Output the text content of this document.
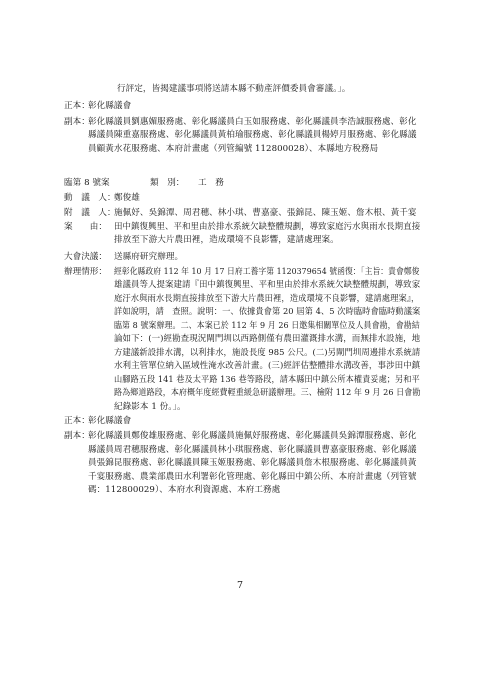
行評定，皆揭建議事項將送請本縣不動產評價委員會審議。」。
正本：
彰化縣議會
副本：
彰化縣議員劉惠媚服務處、彰化縣議員白玉如服務處、彰化縣議員李浩誠服務處、彰化
縣議員陳重嘉服務處、彰化縣議員黃柏瑜服務處、彰化縣議員楊婷月服務處、彰化縣議
員顧黃水花服務處、本府計畫處（列管編號 112800028）、本縣地方稅務局
臨第 8 號案	類　別： 工　務
動　議　人：
鄭俊雄
附　議　人：
施佩妤、吳錦潭、周君穗、林小琪、曹嘉豪、張錦昆、陳玉姬、詹木根、黃千宴
案　　由： 田中鎮復興里、平和里由於排水系統欠缺整體規劃，導致家庭污水與雨水長期直接
排放至下游大片農田裡，造成環境不良影響，建請處理案。
大會決議： 送縣府研究辦理。
辦理情形： 經彰化縣政府 112 年 10 月 17 日府工養字第 1120379654 號函復：「主旨：貴會鄭俊
雄議員等人提案建請『田中鎮復興里、平和里由於排水系統欠缺整體規劃，導致家
庭汙水與雨水長期直接排放至下游大片農田裡，造成環境不良影響，建請處理案』，
詳如說明，請　查照。說明：一、依據貴會第 20 屆第 4、5 次時臨時會臨時動議案
臨第 8 號案辦理。二、本案已於 112 年 9 月 26 日邀集相關單位及人員會勘，會勘結
論如下：(一)經勘查現況閘門圳以西路側僅有農田灌溉排水溝，而無排水設施，地
方建議新設排水溝，以利排水，施設長度 985 公尺。(二)另閘門圳周邊排水系統請
水利主管單位納入區域性淹水改善計畫。(三)經評估整體排水溝改善，事涉田中鎮
山腳路五段 141 巷及太平路 136 巷等路段，請本縣田中鎮公所本權責妥處；另和平
路為鄉道路段，本府概年度經費輕重緩急研議辦理。三、檢附 112 年 9 月 26 日會勘
紀錄影本 1 份。」。
正本：
彰化縣議會
副本：
彰化縣議員鄭俊雄服務處、彰化縣議員施佩妤服務處、彰化縣議員吳錦潭服務處、彰化
縣議員周君穗服務處、彰化縣議員林小琪服務處、彰化縣議員曹嘉豪服務處、彰化縣議
員張錦昆服務處、彰化縣議員陳玉姬服務處、彰化縣議員詹木根服務處、彰化縣議員黃
千宴服務處、農業部農田水利署彰化管理處、彰化縣田中鎮公所、本府計畫處（列管號
碼：112800029）、本府水利資源處、本府工務處
7
